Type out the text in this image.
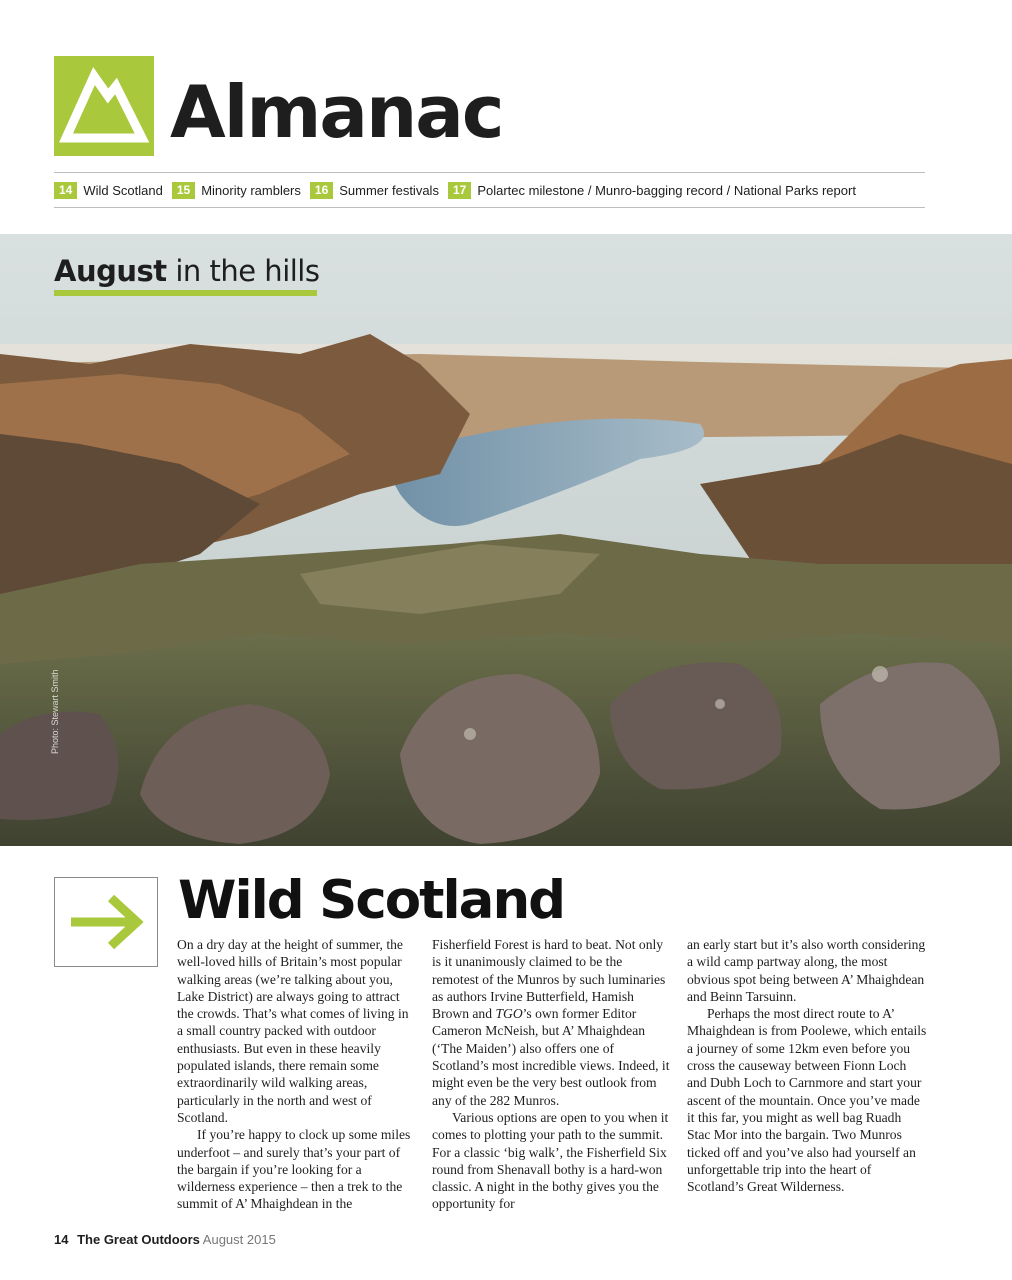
Almanac
14 Wild Scotland	15 Minority ramblers	16 Summer festivals	17 Polartec milestone / Munro-bagging record / National Parks report
August in the hills
Photo: Stewart Smith
Wild Scotland

On a dry day at the height of summer, the well-loved hills of Britain’s most popular walking areas (we’re talking about you, Lake District) are always going to attract the crowds. That’s what comes of living in a small country packed with outdoor enthusiasts. But even in these heavily populated islands, there remain some extraordinarily wild walking areas, particularly in the north and west of Scotland.

If you’re happy to clock up some miles underfoot – and surely that’s your part of the bargain if you’re looking for a wilderness experience – then a trek to the summit of A’ Mhaighdean in the

Fisherfield Forest is hard to beat. Not only is it unanimously claimed to be the remotest of the Munros by such luminaries as authors Irvine Butterfield, Hamish Brown and TGO’s own former Editor Cameron McNeish, but A’ Mhaighdean (‘The Maiden’) also offers one of Scotland’s most incredible views. Indeed, it might even be the very best outlook from any of the 282 Munros.

Various options are open to you when it comes to plotting your path to the summit. For a classic ‘big walk’, the Fisherfield Six round from Shenavall bothy is a hard-won classic. A night in the bothy gives you the opportunity for

an early start but it’s also worth considering a wild camp partway along, the most obvious spot being between A’ Mhaighdean and Beinn Tarsuinn.

Perhaps the most direct route to A’ Mhaighdean is from Poolewe, which entails a journey of some 12km even before you cross the causeway between Fionn Loch and Dubh Loch to Carnmore and start your ascent of the mountain. Once you’ve made it this far, you might as well bag Ruadh Stac Mor into the bargain. Two Munros ticked off and you’ve also had yourself an unforgettable trip into the heart of Scotland’s Great Wilderness.

14 The Great Outdoors August 2015
